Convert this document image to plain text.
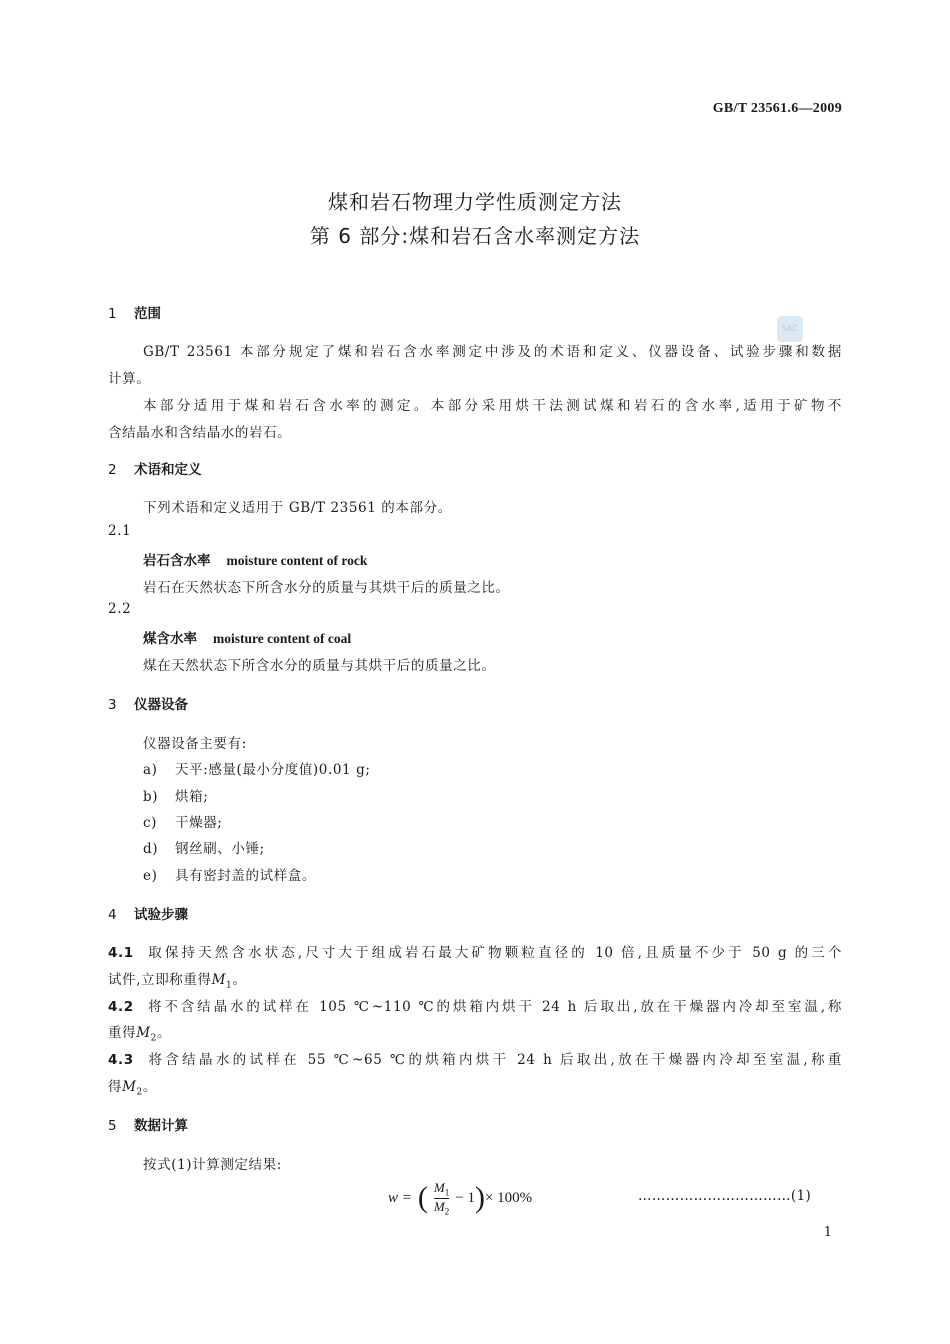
GB/T 23561.6—2009
煤和岩石物理力学性质测定方法
第 6 部分:煤和岩石含水率测定方法
SAC
1 范围
GB/T 23561 本部分规定了煤和岩石含水率测定中涉及的术语和定义、仪器设备、试验步骤和数据
计算。
本部分适用于煤和岩石含水率的测定。本部分采用烘干法测试煤和岩石的含水率,适用于矿物不
含结晶水和含结晶水的岩石。
2 术语和定义
下列术语和定义适用于 GB/T 23561 的本部分。
2.1
岩石含水率 moisture content of rock
岩石在天然状态下所含水分的质量与其烘干后的质量之比。
2.2
煤含水率 moisture content of coal
煤在天然状态下所含水分的质量与其烘干后的质量之比。
3 仪器设备
仪器设备主要有:
a) 天平:感量(最小分度值)0.01 g;
b) 烘箱;
c) 干燥器;
d) 钢丝刷、小锤;
e) 具有密封盖的试样盒。
4 试验步骤
4.1 取保持天然含水状态,尺寸大于组成岩石最大矿物颗粒直径的 10 倍,且质量不少于 50 g 的三个
试件,立即称重得$M_1$。
4.2 将不含结晶水的试样在 105 ℃~110 ℃的烘箱内烘干 24 h 后取出,放在干燥器内冷却至室温,称
重得$M_2$。
4.3 将含结晶水的试样在 55 ℃~65 ℃的烘箱内烘干 24 h 后取出,放在干燥器内冷却至室温,称重
得$M_2$。
5 数据计算
按式(1)计算测定结果:
w = ( $\frac{M_1}{M_2} - 1$ ) × 100%	……………………………(1)
1
